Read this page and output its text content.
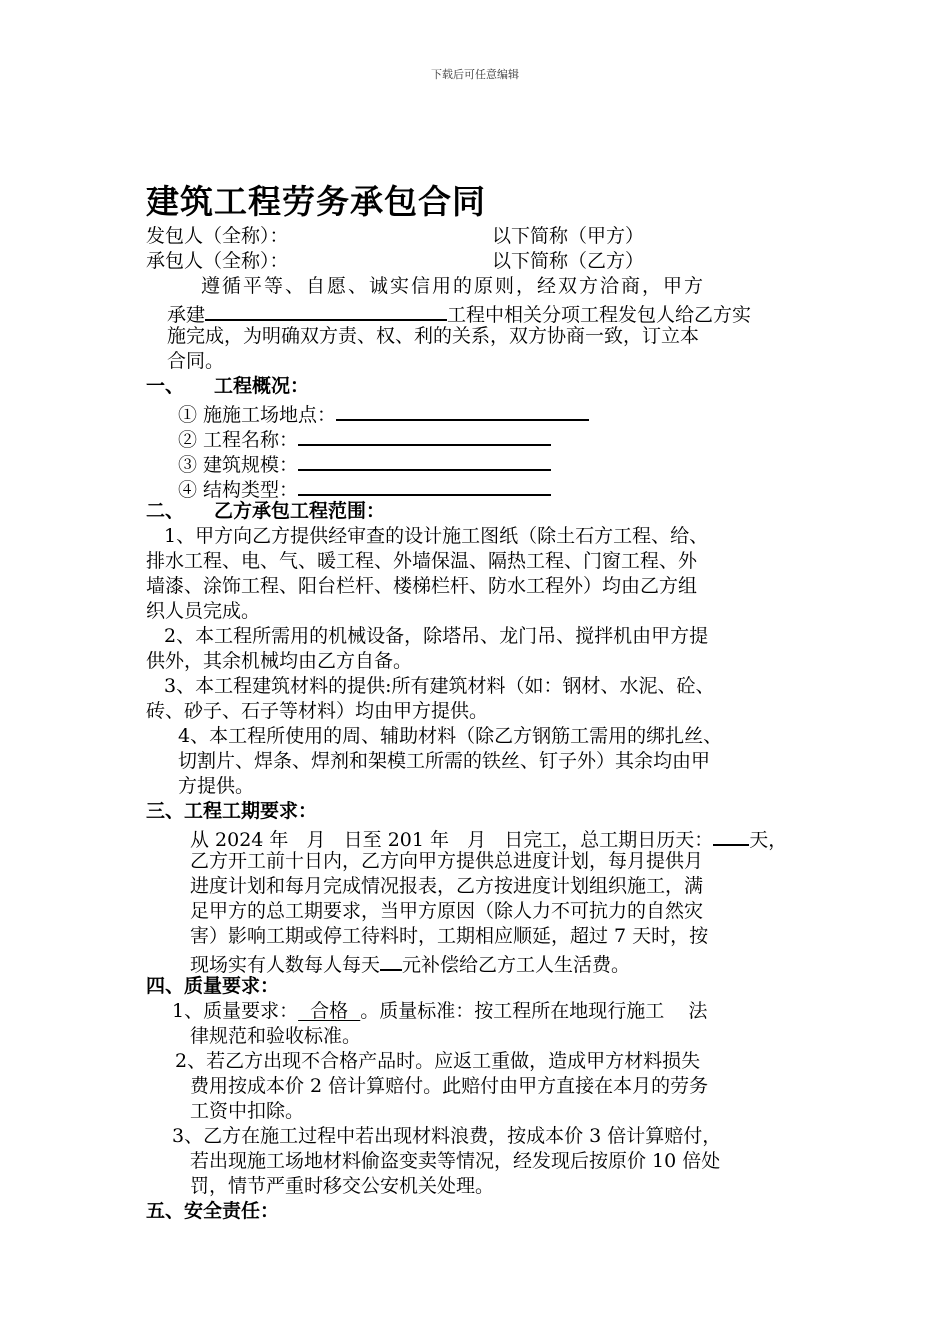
下载后可任意编辑
建筑工程劳务承包合同
发包人（全称）：	以下简称（甲方）
承包人（全称）：	以下简称（乙方）
遵循平等、自愿、诚实信用的原则，经双方洽商，甲方
承建	工程中相关分项工程发包人给乙方实
施完成，为明确双方责、权、利的关系，双方协商一致，订立本
合同。
一、 工程概况：
① 施施工场地点：
② 工程名称：
③ 建筑规模：
④ 结构类型：
二、 乙方承包工程范围：
1、甲方向乙方提供经审查的设计施工图纸（除土石方工程、给、
排水工程、电、气、暖工程、外墙保温、隔热工程、门窗工程、外
墙漆、涂饰工程、阳台栏杆、楼梯栏杆、防水工程外）均由乙方组
织人员完成。
2、本工程所需用的机械设备，除塔吊、龙门吊、搅拌机由甲方提
供外，其余机械均由乙方自备。
3、本工程建筑材料的提供:所有建筑材料（如：钢材、水泥、砼、
砖、砂子、石子等材料）均由甲方提供。
4、本工程所使用的周、辅助材料（除乙方钢筋工需用的绑扎丝、
切割片、焊条、焊剂和架模工所需的铁丝、钉子外）其余均由甲
方提供。
三、工程工期要求：
从 2024 年   月   日至 201 年   月   日完工，总工期日历天： 天，
乙方开工前十日内，乙方向甲方提供总进度计划，每月提供月
进度计划和每月完成情况报表，乙方按进度计划组织施工，满
足甲方的总工期要求，当甲方原因（除人力不可抗力的自然灾
害）影响工期或停工待料时，工期相应顺延，超过 7 天时，按
现场实有人数每人每天 元补偿给乙方工人生活费。
四、质量要求：
1、质量要求：  合格  。质量标准：按工程所在地现行施工    法
律规范和验收标准。
2、若乙方出现不合格产品时。应返工重做，造成甲方材料损失
费用按成本价 2 倍计算赔付。此赔付由甲方直接在本月的劳务
工资中扣除。
3、乙方在施工过程中若出现材料浪费，按成本价 3 倍计算赔付，
若出现施工场地材料偷盗变卖等情况，经发现后按原价 10 倍处
罚，情节严重时移交公安机关处理。
五、安全责任：
